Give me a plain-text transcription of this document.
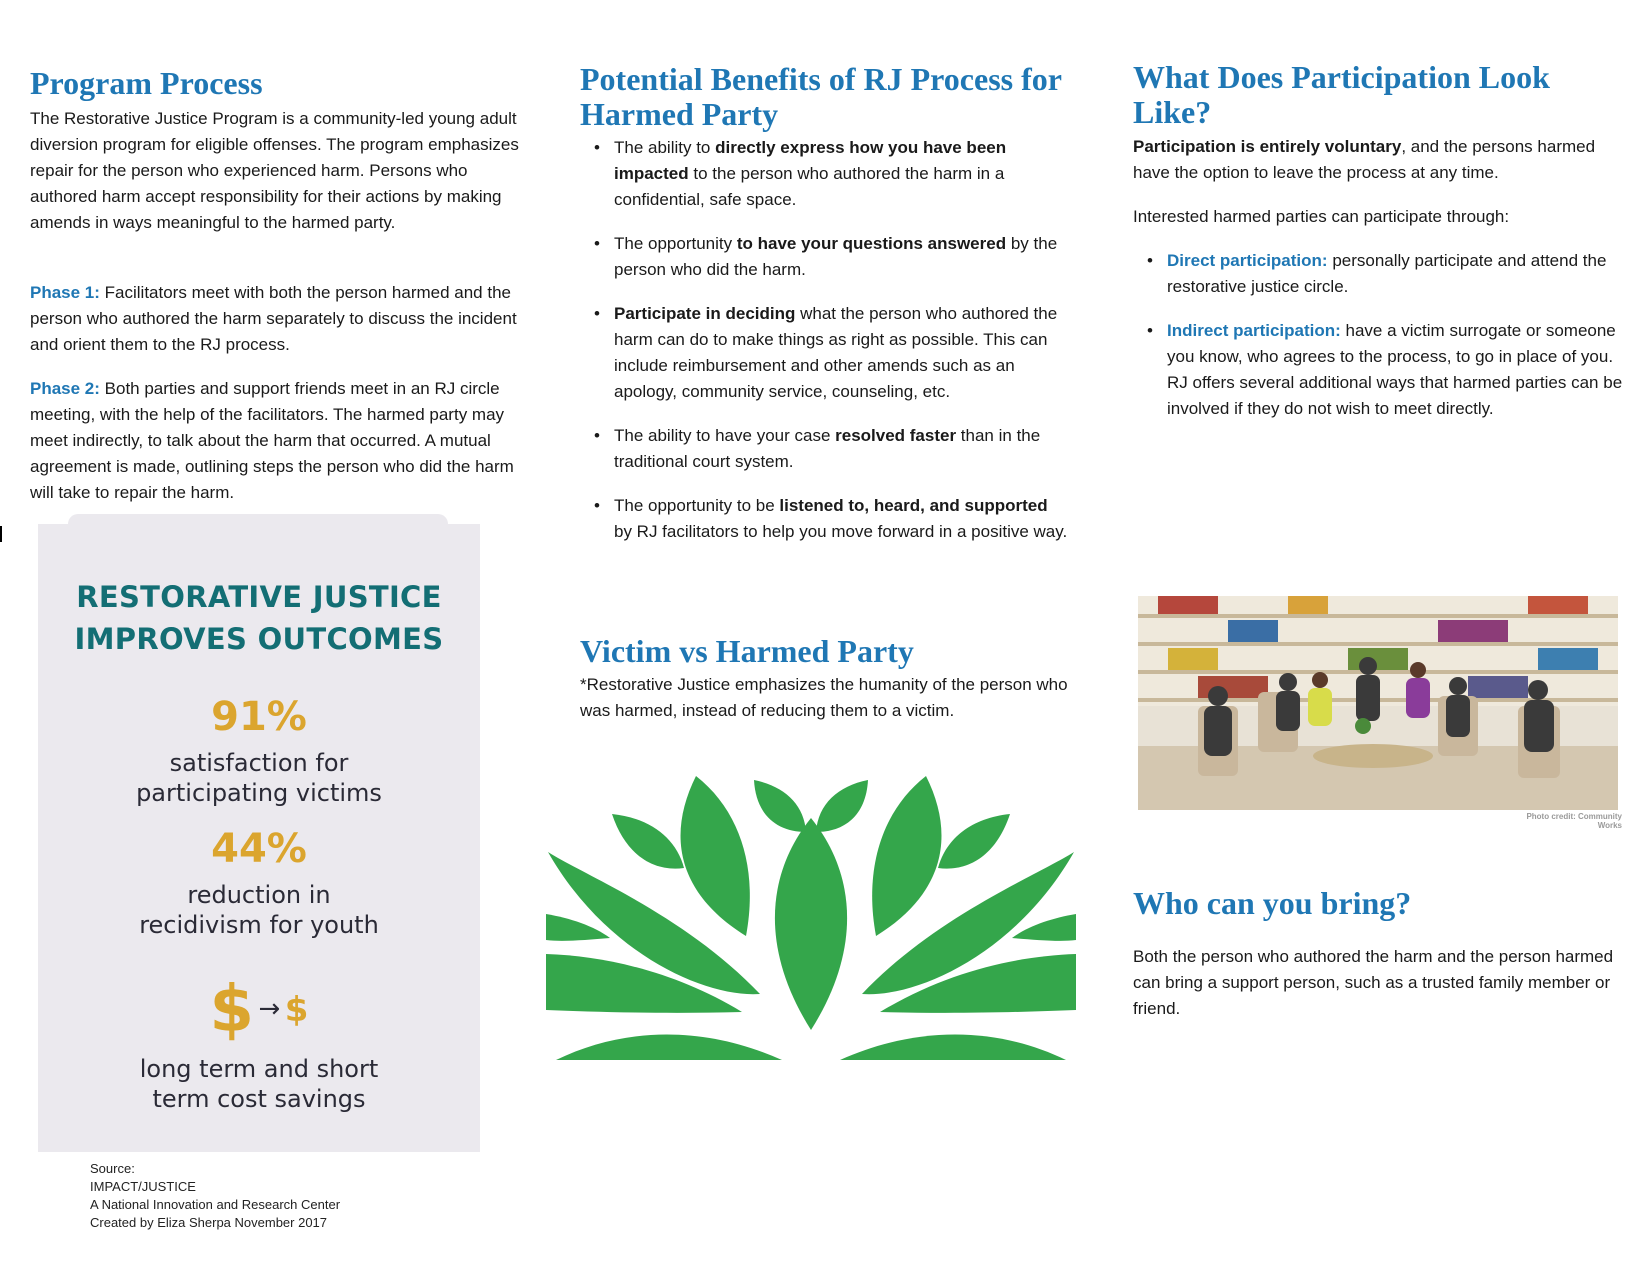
Program Process

The Restorative Justice Program is a community-led young adult diversion program for eligible offenses. The program emphasizes repair for the person who experienced harm. Persons who authored harm accept responsibility for their actions by making amends in ways meaningful to the harmed party.

Phase 1: Facilitators meet with both the person harmed and the person who authored the harm separately to discuss the incident and orient them to the RJ process.

Phase 2: Both parties and support friends meet in an RJ circle meeting, with the help of the facilitators. The harmed party may meet indirectly, to talk about the harm that occurred. A mutual agreement is made, outlining steps the person who did the harm will take to repair the harm.

RESTORATIVE JUSTICE
IMPROVES OUTCOMES
91%
satisfaction for
participating victims
44%
reduction in
recidivism for youth
$ → $
long term and short
term cost savings
Source:
IMPACT/JUSTICE
A National Innovation and Research Center
Created by Eliza Sherpa November 2017
Potential Benefits of RJ Process for Harmed Party
• The ability to directly express how you have been impacted to the person who authored the harm in a confidential, safe space.
• The opportunity to have your questions answered by the person who did the harm.
• Participate in deciding what the person who authored the harm can do to make things as right as possible. This can include reimbursement and other amends such as an apology, community service, counseling, etc.
• The ability to have your case resolved faster than in the traditional court system.
• The opportunity to be listened to, heard, and supported by RJ facilitators to help you move forward in a positive way.
Victim vs Harmed Party

*Restorative Justice emphasizes the humanity of the person who was harmed, instead of reducing them to a victim.

What Does Participation Look Like?

Participation is entirely voluntary, and the persons harmed have the option to leave the process at any time.

Interested harmed parties can participate through:

• Direct participation: personally participate and attend the restorative justice circle.
• Indirect participation: have a victim surrogate or someone you know, who agrees to the process, to go in place of you. RJ offers several additional ways that harmed parties can be involved if they do not wish to meet directly.
Who can you bring?

Both the person who authored the harm and the person harmed can bring a support person, such as a trusted family member or friend.

Photo credit: Community Works
